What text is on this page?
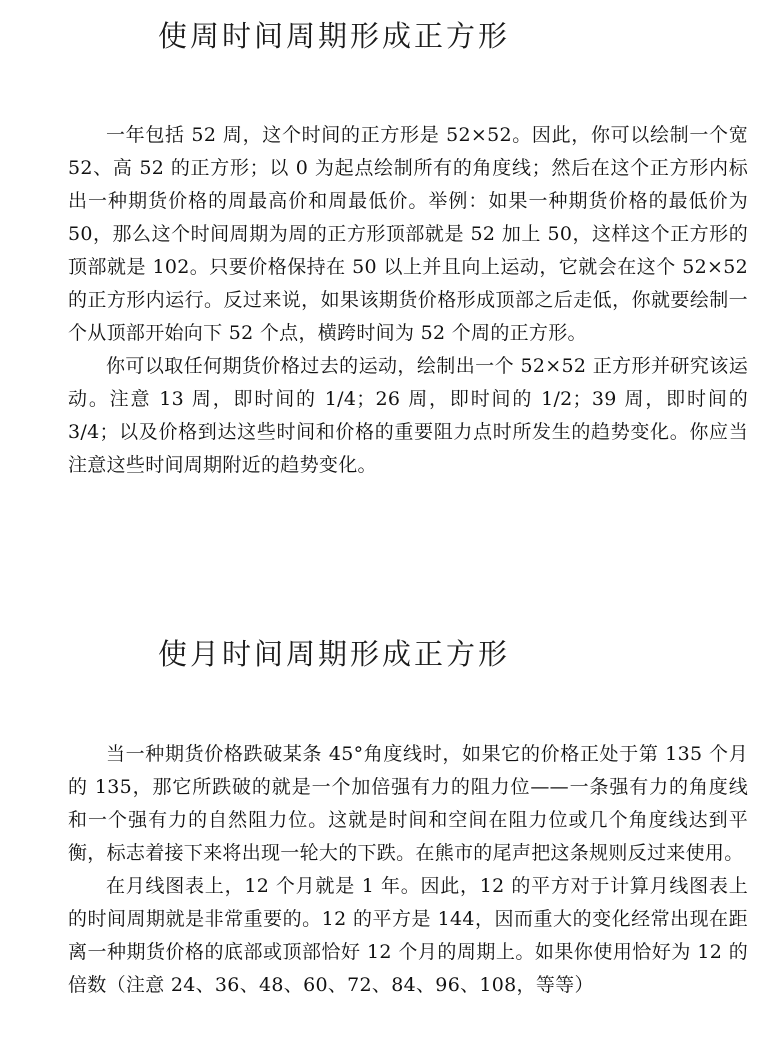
使周时间周期形成正方形

一年包括 52 周，这个时间的正方形是 52×52。因此，你可以绘制一个宽 52、高 52 的正方形；以 0 为起点绘制所有的角度线；然后在这个正方形内标出一种期货价格的周最高价和周最低价。举例：如果一种期货价格的最低价为 50，那么这个时间周期为周的正方形顶部就是 52 加上 50，这样这个正方形的顶部就是 102。只要价格保持在 50 以上并且向上运动，它就会在这个 52×52 的正方形内运行。反过来说，如果该期货价格形成顶部之后走低，你就要绘制一个从顶部开始向下 52 个点，横跨时间为 52 个周的正方形。

你可以取任何期货价格过去的运动，绘制出一个 52×52 正方形并研究该运动。注意 13 周，即时间的 1/4；26 周，即时间的 1/2；39 周，即时间的 3/4；以及价格到达这些时间和价格的重要阻力点时所发生的趋势变化。你应当注意这些时间周期附近的趋势变化。

使月时间周期形成正方形

当一种期货价格跌破某条 45°角度线时，如果它的价格正处于第 135 个月的 135，那它所跌破的就是一个加倍强有力的阻力位——一条强有力的角度线和一个强有力的自然阻力位。这就是时间和空间在阻力位或几个角度线达到平衡，标志着接下来将出现一轮大的下跌。在熊市的尾声把这条规则反过来使用。

在月线图表上，12 个月就是 1 年。因此，12 的平方对于计算月线图表上的时间周期就是非常重要的。12 的平方是 144，因而重大的变化经常出现在距离一种期货价格的底部或顶部恰好 12 个月的周期上。如果你使用恰好为 12 的倍数（注意 24、36、48、60、72、84、96、108，等等）
